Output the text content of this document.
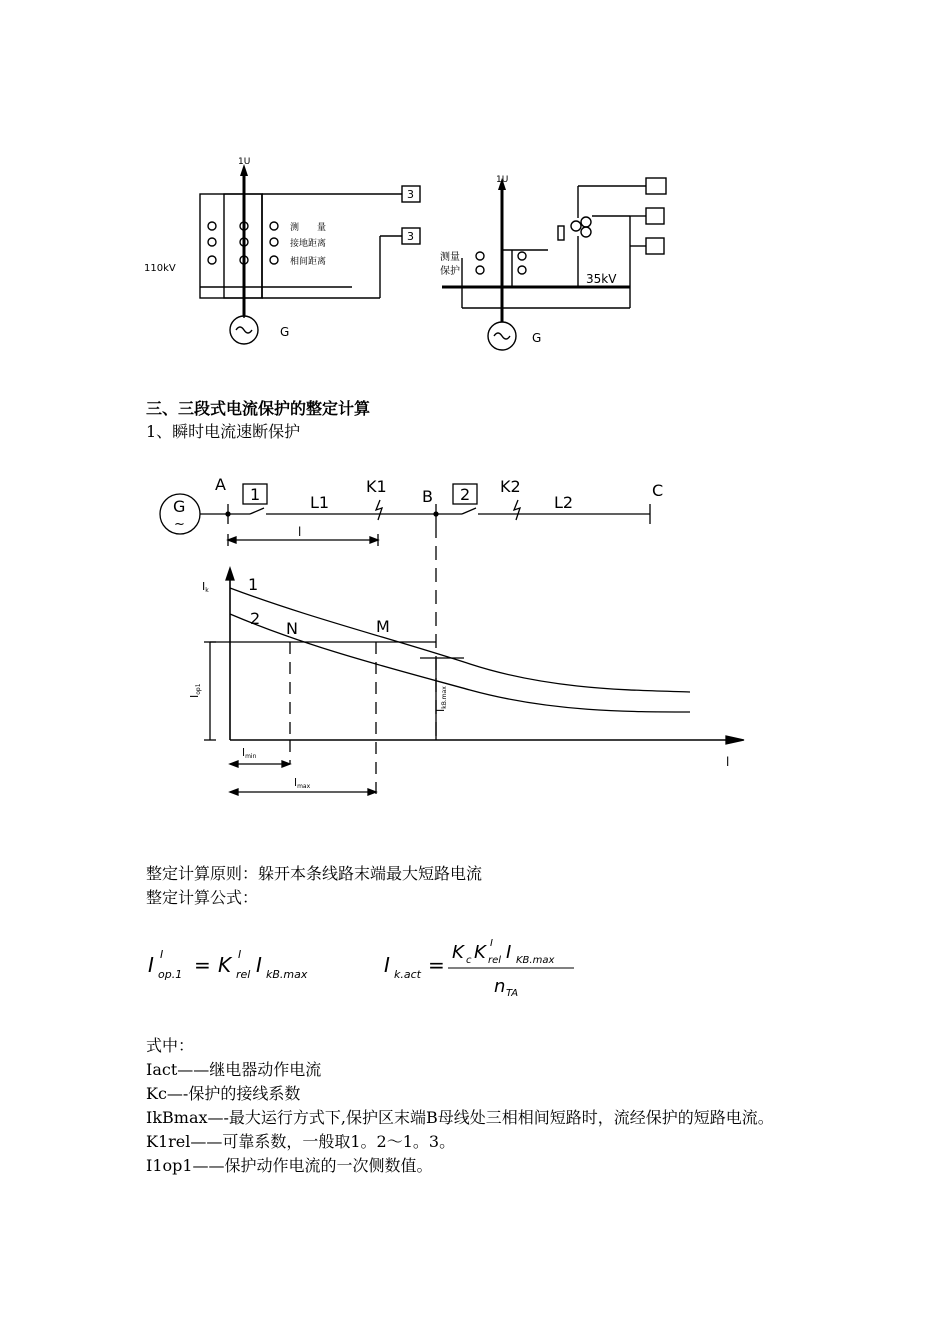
1U
110kV
测　　量
接地距离
相间距离
3
3
G
1U
测量
保护
35kV
G
三、三段式电流保护的整定计算
1、瞬时电流速断保护
G
~
A
B	C
1	2
L1	L2
K1	K2
l
1
2	M
N
Ik
Iop1
IkB.max
lmin
lmax
l
整定计算原则：躲开本条线路末端最大短路电流
整定计算公式：
I I
op.1 = K I
rel I kB.max	I k.act =
K c K I
rel I KB.max
n TA
式中：
Iact——继电器动作电流
Kc—-保护的接线系数
IkBmax—-最大运行方式下,保护区末端B母线处三相相间短路时，流经保护的短路电流。
K1rel——可靠系数，一般取1。2～1。3。
I1op1——保护动作电流的一次侧数值。
